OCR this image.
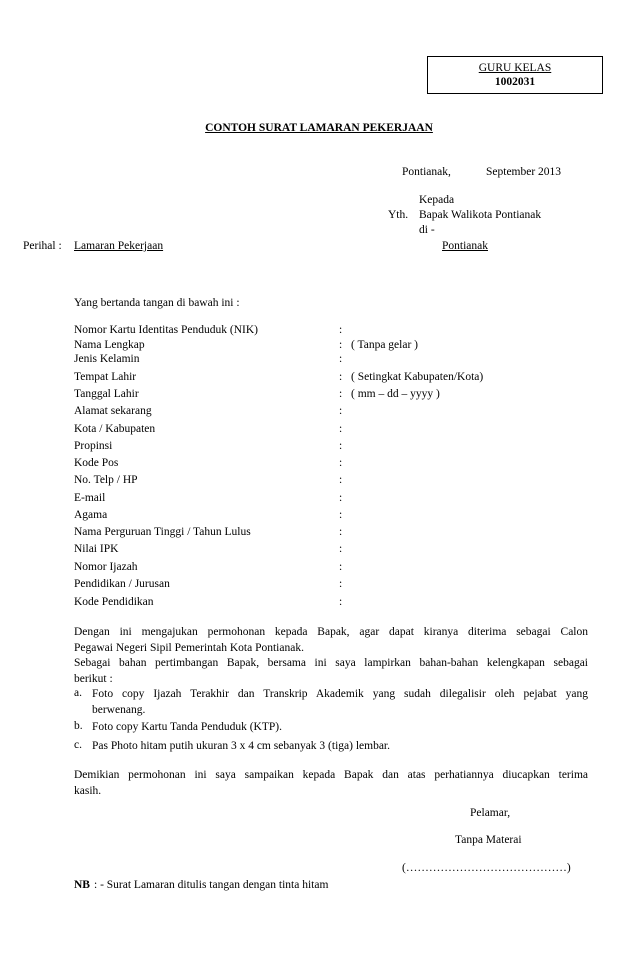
GURU KELAS
1002031
CONTOH SURAT LAMARAN PEKERJAAN
Pontianak,	September 2013
Kepada
Yth. Bapak Walikota Pontianak
di -
Pontianak
Perihal : Lamaran Pekerjaan
Yang bertanda tangan di bawah ini :
Nomor Kartu Identitas Penduduk (NIK)	:
Nama Lengkap	: ( Tanpa gelar )
Jenis Kelamin	:
Tempat Lahir	: ( Setingkat Kabupaten/Kota)
Tanggal Lahir	: ( mm – dd – yyyy )
Alamat sekarang	:
Kota / Kabupaten	:
Propinsi	:
Kode Pos	:
No. Telp / HP	:
E-mail	:
Agama	:
Nama Perguruan Tinggi / Tahun Lulus	:
Nilai IPK	:
Nomor Ijazah	:
Pendidikan / Jurusan	:
Kode Pendidikan	:
Dengan ini mengajukan permohonan kepada Bapak, agar dapat kiranya diterima sebagai Calon
Pegawai Negeri Sipil Pemerintah Kota Pontianak.
Sebagai bahan pertimbangan Bapak, bersama ini saya lampirkan bahan-bahan kelengkapan sebagai
berikut :
a. Foto copy Ijazah Terakhir dan Transkrip Akademik yang sudah dilegalisir oleh pejabat yang
berwenang.
b. Foto copy Kartu Tanda Penduduk (KTP).
c. Pas Photo hitam putih ukuran 3 x 4 cm sebanyak 3 (tiga) lembar.
Demikian permohonan ini saya sampaikan kepada Bapak dan atas perhatiannya diucapkan terima
kasih.
Pelamar,
Tanpa Materai
(……………………………………)
NB : - Surat Lamaran ditulis tangan dengan tinta hitam
